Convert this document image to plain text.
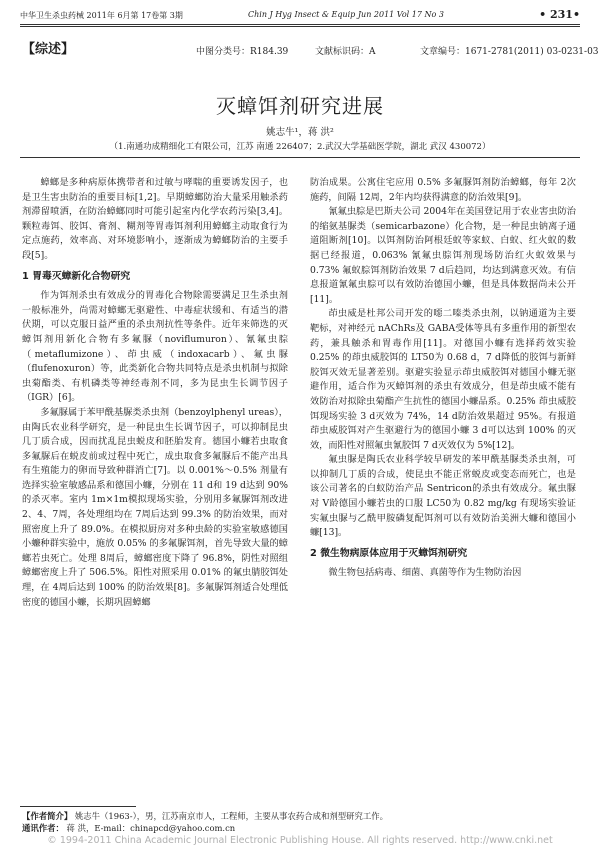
中华卫生杀虫药械 2011年 6月第 17卷第 3期	Chin J Hyg Insect & Equip Jun 2011 Vol 17 No 3	• 231•
【综述】	中图分类号：R184.39	文献标识码：A	文章编号：1671-2781(2011) 03-0231-03
灭蟑饵剂研究进展
姚志牛¹，蒋 洪²
（1.南通功成精细化工有限公司，江苏 南通 226407；2.武汉大学基础医学院，湖北 武汉 430072）

蟑螂是多种病原体携带者和过敏与哮喘的重要诱发因子，也是卫生害虫防治的重要目标[1,2]。早期蟑螂防治大量采用触杀药剂滞留喷洒，在防治蟑螂同时可能引起室内化学农药污染[3,4]。颗粒毒饵、胶饵、膏剂、糊剂等胃毒饵剂利用蟑螂主动取食行为定点施药，效率高、对环境影响小，逐渐成为蟑螂防治的主要手段[5]。

1 胃毒灭蟑新化合物研究

作为饵剂杀虫有效成分的胃毒化合物除需要满足卫生杀虫剂一般标准外，尚需对蟑螂无驱避性、中毒症状缓和、有适当的潜伏期，可以克服日益严重的杀虫剂抗性等条件。近年来筛选的灭蟑饵剂用新化合物有多氟脲（noviflumuron）、氰氟虫腙（metaflumizone）、茚虫威（indoxacarb）、氟虫脲（flufenoxuron）等，此类新化合物共同特点是杀虫机制与拟除虫菊酯类、有机磷类等神经毒剂不同，多为昆虫生长调节因子（IGR）[6]。

多氟脲属于苯甲酰基脲类杀虫剂（benzoylphenyl ureas），由陶氏农业科学研究，是一种昆虫生长调节因子，可以抑制昆虫几丁质合成，因而扰乱昆虫蜕皮和胚胎发育。德国小蠊若虫取食多氟脲后在蜕皮前或过程中死亡，成虫取食多氟脲后不能产出具有生殖能力的卵而导致种群消亡[7]。以 0.001%～0.5% 剂量有选择实验室敏感品系和德国小蠊，分别在 11 d和 19 d达到 90% 的杀灭率。室内 1m×1m模拟现场实验，分别用多氟脲饵剂改进 2、4、7周，各处理组均在 7周后达到 99.3% 的防治效果，而对照密度上升了 89.0%。在模拟厨房对多种虫龄的实验室敏感德国小蠊种群实验中，施放 0.05% 的多氟脲饵剂，首先导致大量的蟑螂若虫死亡。处理 8周后，蟑螂密度下降了 96.8%，阴性对照组蟑螂密度上升了 506.5%。阳性对照采用 0.01% 的氟虫腈胶饵处理，在 4周后达到 100% 的防治效果[8]。多氟脲饵剂适合处理低密度的德国小蠊，长期巩固蟑螂

防治成果。公寓住宅应用 0.5% 多氟脲饵剂防治蟑螂，每年 2次施药，间隔 12周，2年内均获得满意的防治效果[9]。

氰氟虫腙是巴斯夫公司 2004年在美国登记用于农业害虫防治的缩氨基脲类（semicarbazone）化合物，是一种昆虫钠离子通道阻断剂[10]。以饵剂防治阿根廷蚁等家蚁、白蚁、红火蚁的数据已经报道，0.063% 氰氟虫腙饵剂现场防治红火蚁效果与 0.73% 氟蚁腙饵剂防治效果 7 d后趋同，均达到满意灭效。有信息报道氰氟虫腙可以有效防治德国小蠊，但是具体数据尚未公开[11]。

茚虫威是杜邦公司开发的噁二嗪类杀虫剂，以钠通道为主要靶标，对神经元 nAChRs及 GABA受体等具有多重作用的新型农药，兼具触杀和胃毒作用[11]。对德国小蠊有选择药效实验 0.25% 的茚虫威胶饵的 LT50为 0.68 d，7 d降低的胶饵与新鲜胶饵灭效无显著差别。驱避实验显示茚虫威胶饵对德国小蠊无驱避作用，适合作为灭蟑饵剂的杀虫有效成分，但是茚虫威不能有效防治对拟除虫菊酯产生抗性的德国小蠊品系。0.25% 茚虫威胶饵现场实验 3 d灭效为 74%，14 d防治效果超过 95%。有报道茚虫威胶饵对产生驱避行为的德国小蠊 3 d可以达到 100% 的灭效，而阳性对照氟虫氰胶饵 7 d灭效仅为 5%[12]。

氟虫脲是陶氏农业科学较早研发的苯甲酰基脲类杀虫剂，可以抑制几丁质的合成，使昆虫不能正常蜕皮或变态而死亡，也是该公司著名的白蚁防治产品 Sentricon的杀虫有效成分。氟虫脲对 V龄德国小蠊若虫的口服 LC50为 0.82 mg/kg 有现场实验证实氟虫脲与乙酰甲胺磷复配饵剂可以有效防治美洲大蠊和德国小蠊[13]。

2 微生物病原体应用于灭蟑饵剂研究

微生物包括病毒、细菌、真菌等作为生物防治因

【作者简介】 姚志牛（1963-），男，江苏南京市人，工程师，主要从事农药合成和剂型研究工作。
通讯作者： 蒋 洪，E-mail：chinapcd@yahoo.com.cn
© 1994-2011 China Academic Journal Electronic Publishing House. All rights reserved. http://www.cnki.net
